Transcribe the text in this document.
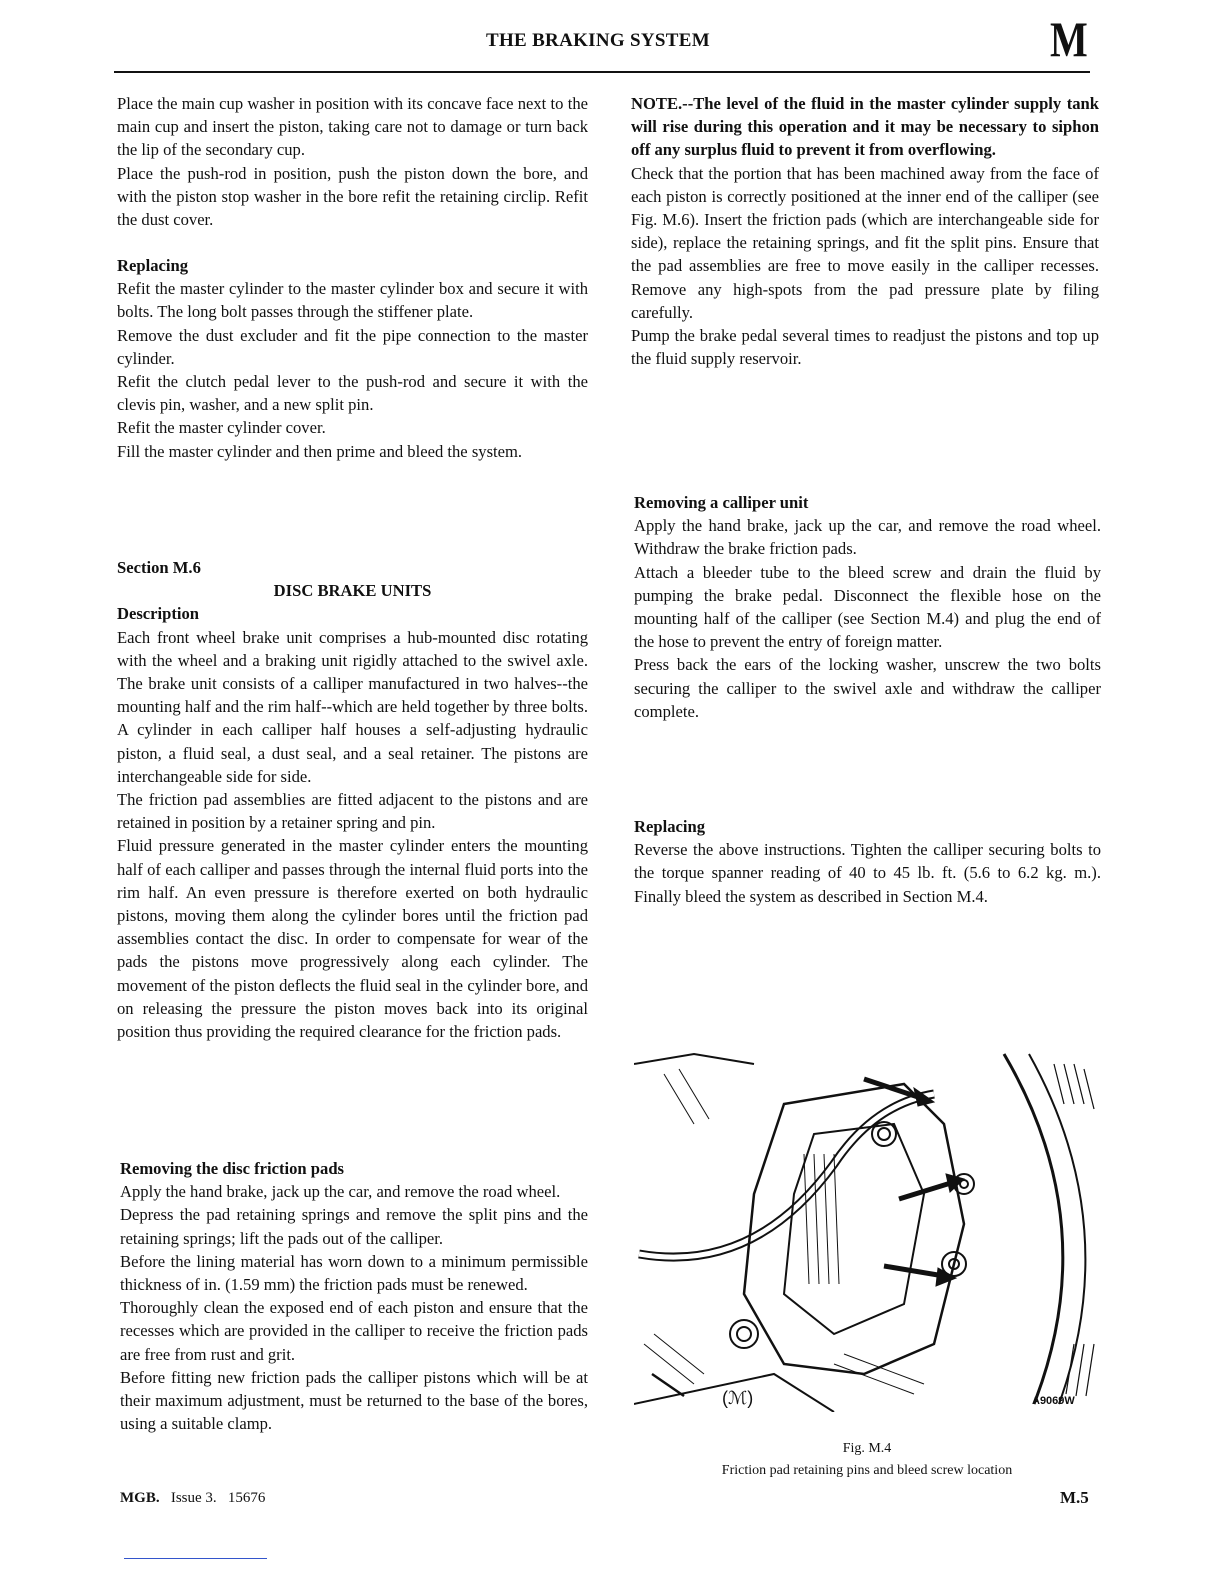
THE BRAKING SYSTEM	M

Place the main cup washer in position with its concave face next to the main cup and insert the piston, taking care not to damage or turn back the lip of the secondary cup.

Place the push-rod in position, push the piston down the bore, and with the piston stop washer in the bore refit the retaining circlip. Refit the dust cover.

Replacing

Refit the master cylinder to the master cylinder box and secure it with bolts. The long bolt passes through the stiffener plate.

Remove the dust excluder and fit the pipe connection to the master cylinder.

Refit the clutch pedal lever to the push-rod and secure it with the clevis pin, washer, and a new split pin.

Refit the master cylinder cover.

Fill the master cylinder and then prime and bleed the system.

Section M.6
DISC BRAKE UNITS
Description

Each front wheel brake unit comprises a hub-mounted disc rotating with the wheel and a braking unit rigidly attached to the swivel axle. The brake unit consists of a calliper manufactured in two halves--the mounting half and the rim half--which are held together by three bolts. A cylinder in each calliper half houses a self-adjusting hydraulic piston, a fluid seal, a dust seal, and a seal retainer. The pistons are interchangeable side for side.

The friction pad assemblies are fitted adjacent to the pistons and are retained in position by a retainer spring and pin.

Fluid pressure generated in the master cylinder enters the mounting half of each calliper and passes through the internal fluid ports into the rim half. An even pressure is therefore exerted on both hydraulic pistons, moving them along the cylinder bores until the friction pad assemblies contact the disc. In order to compensate for wear of the pads the pistons move progressively along each cylinder. The movement of the piston deflects the fluid seal in the cylinder bore, and on releasing the pressure the piston moves back into its original position thus providing the required clearance for the friction pads.

Removing the disc friction pads

Apply the hand brake, jack up the car, and remove the road wheel.

Depress the pad retaining springs and remove the split pins and the retaining springs; lift the pads out of the calliper.

Before the lining material has worn down to a minimum permissible thickness of in. (1.59 mm) the friction pads must be renewed.

Thoroughly clean the exposed end of each piston and ensure that the recesses which are provided in the calliper to receive the friction pads are free from rust and grit.

Before fitting new friction pads the calliper pistons which will be at their maximum adjustment, must be returned to the base of the bores, using a suitable clamp.

NOTE.--The level of the fluid in the master cylinder supply tank will rise during this operation and it may be necessary to siphon off any surplus fluid to prevent it from overflowing.

Check that the portion that has been machined away from the face of each piston is correctly positioned at the inner end of the calliper (see Fig. M.6). Insert the friction pads (which are interchangeable side for side), replace the retaining springs, and fit the split pins. Ensure that the pad assemblies are free to move easily in the calliper recesses. Remove any high-spots from the pad pressure plate by filing carefully.

Pump the brake pedal several times to readjust the pistons and top up the fluid supply reservoir.

Removing a calliper unit

Apply the hand brake, jack up the car, and remove the road wheel. Withdraw the brake friction pads.

Attach a bleeder tube to the bleed screw and drain the fluid by pumping the brake pedal. Disconnect the flexible hose on the mounting half of the calliper (see Section M.4) and plug the end of the hose to prevent the entry of foreign matter.

Press back the ears of the locking washer, unscrew the two bolts securing the calliper to the swivel axle and withdraw the calliper complete.

Replacing

Reverse the above instructions. Tighten the calliper securing bolts to the torque spanner reading of 40 to 45 lb. ft. (5.6 to 6.2 kg. m.). Finally bleed the system as described in Section M.4.

(ℳ)	A9069W
Fig. M.4
Friction pad retaining pins and bleed screw location
MGB. Issue 3. 15676	M.5
